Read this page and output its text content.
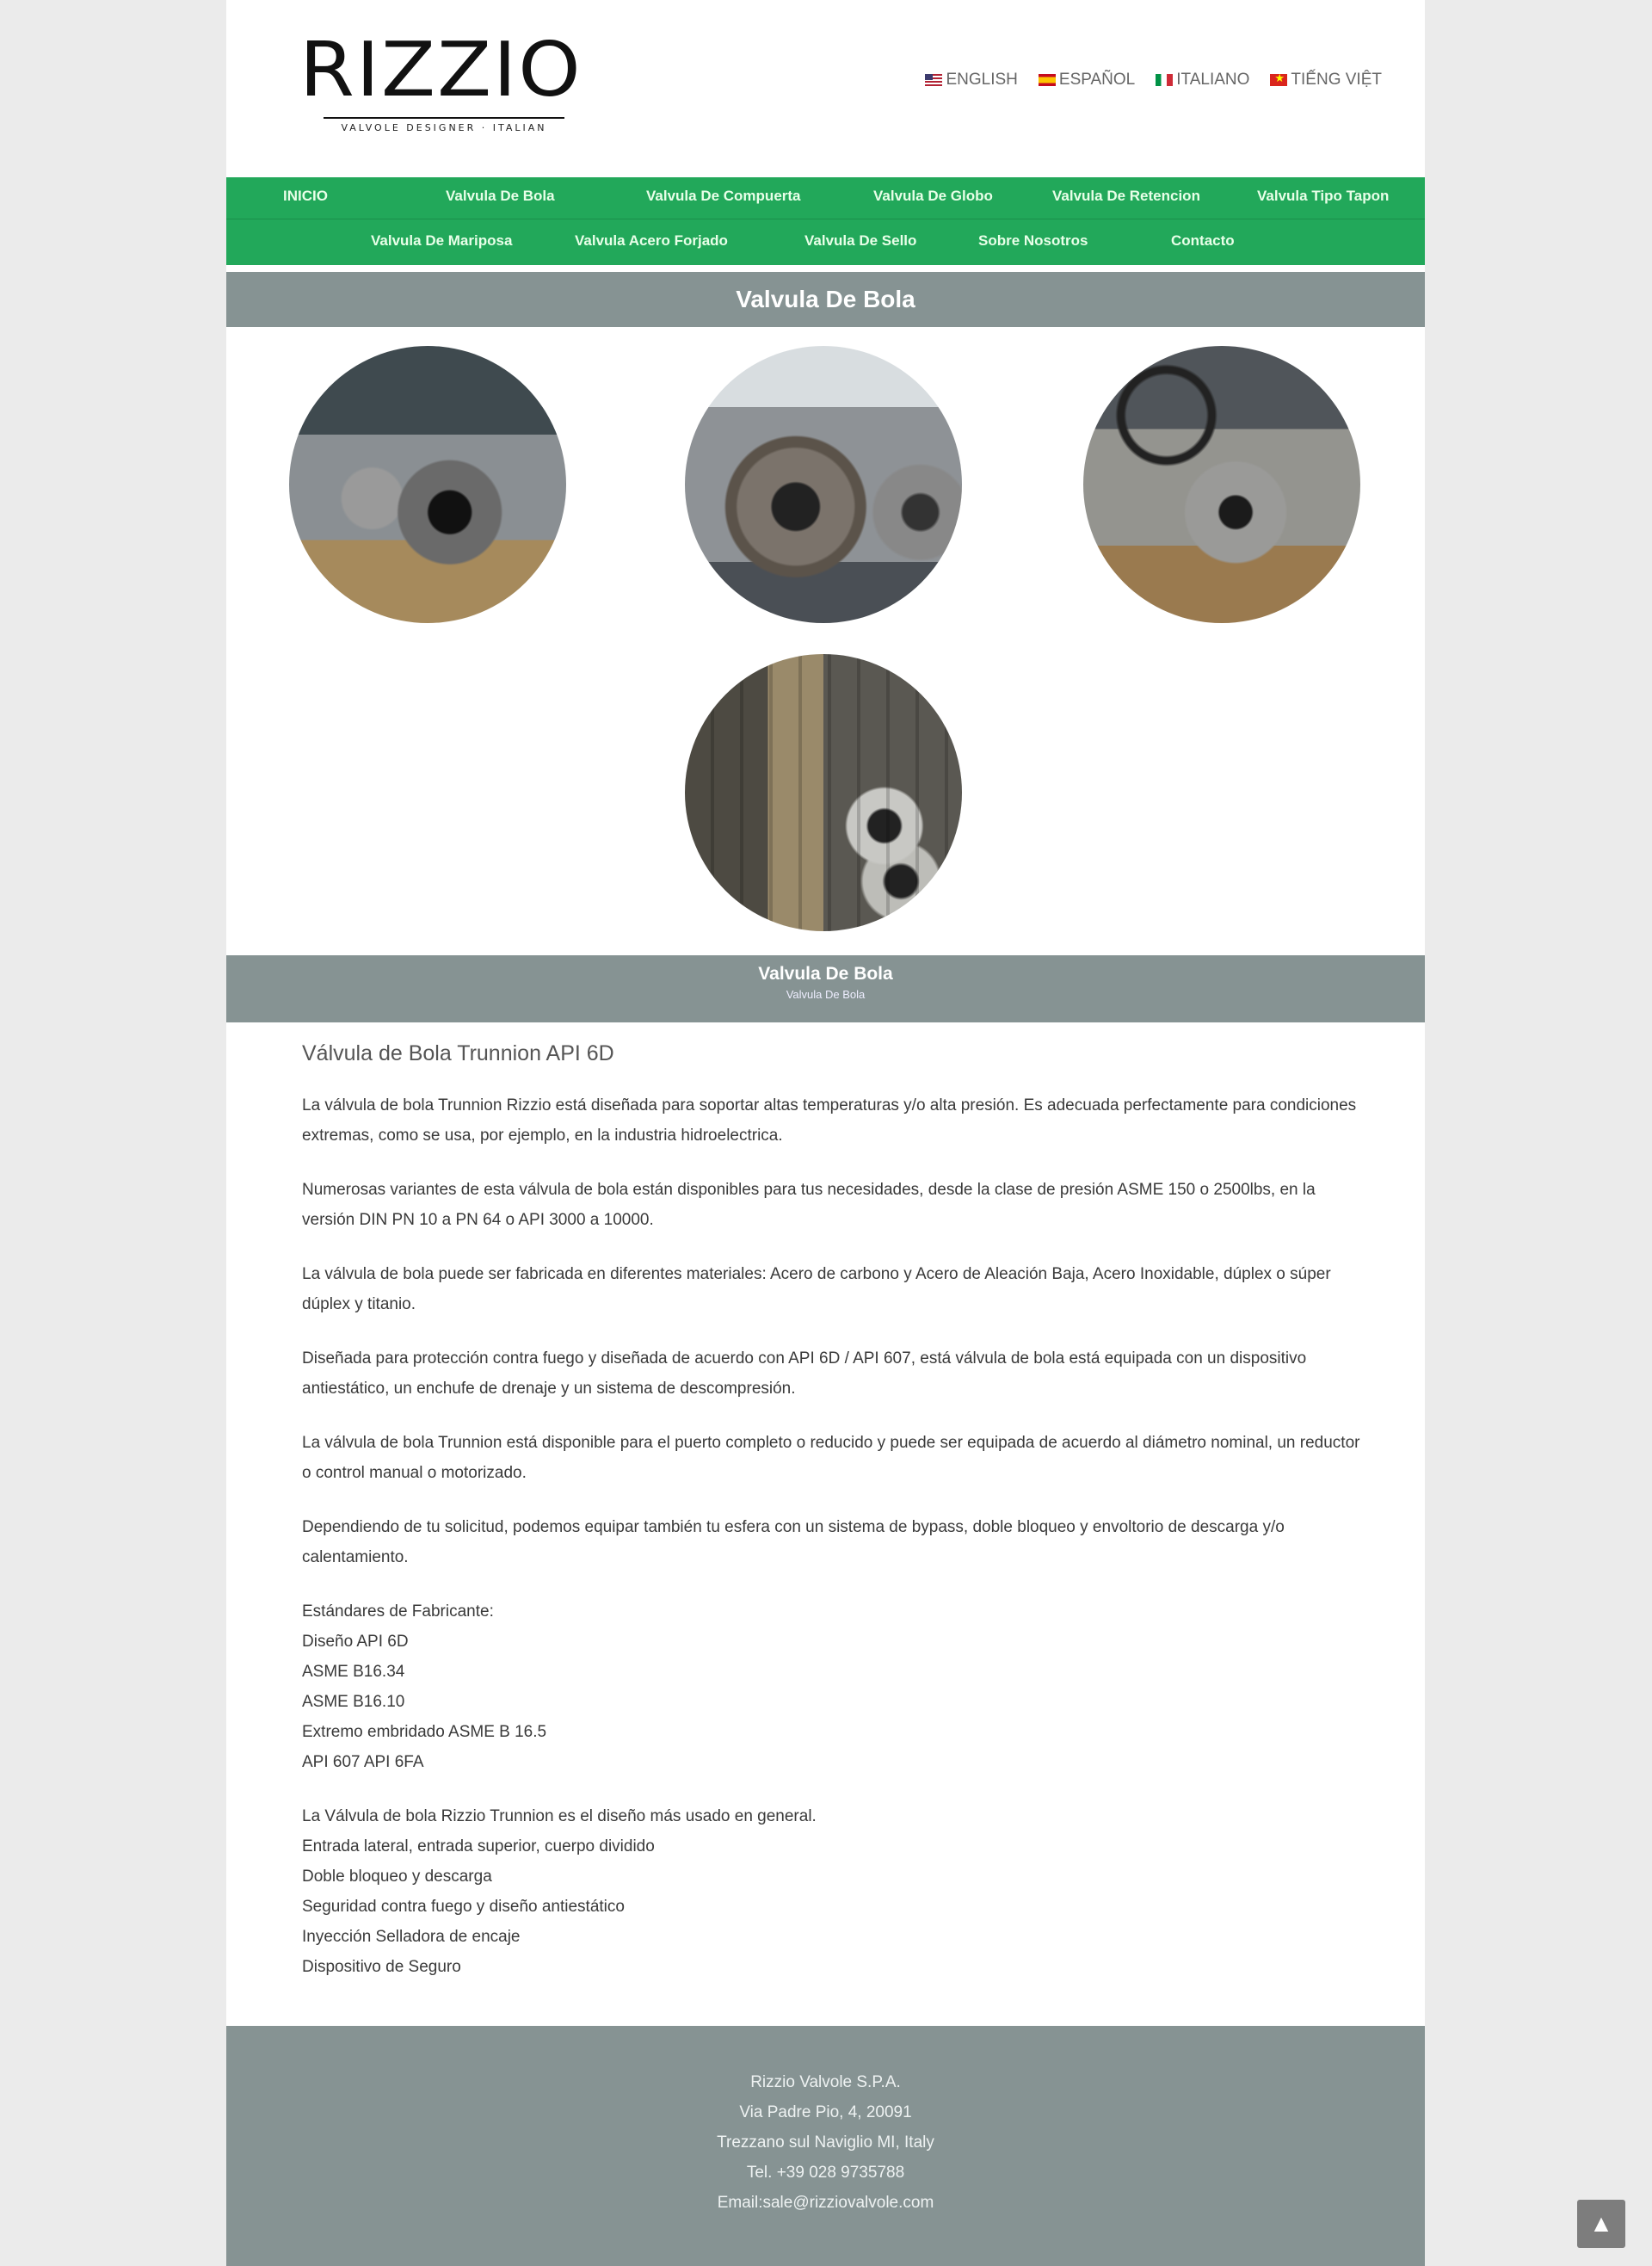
RIZZIO
VALVOLE DESIGNER · ITALIAN
ENGLISH	ESPAÑOL	ITALIANO
★	TIẾNG VIỆT
INICIO	Valvula De Bola	Valvula De Compuerta	Valvula De Globo	Valvula De Retencion	Valvula Tipo Tapon
Valvula De Mariposa	Valvula Acero Forjado	Valvula De Sello	Sobre Nosotros	Contacto
Valvula De Bola
Valvula De Bola
Valvula De Bola
Válvula de Bola Trunnion API 6D

La válvula de bola Trunnion Rizzio está diseñada para soportar altas temperaturas y/o alta presión. Es adecuada perfectamente para condiciones extremas, como se usa, por ejemplo, en la industria hidroelectrica.

Numerosas variantes de esta válvula de bola están disponibles para tus necesidades, desde la clase de presión ASME 150 o 2500lbs, en la versión DIN PN 10 a PN 64 o API 3000 a 10000.

La válvula de bola puede ser fabricada en diferentes materiales: Acero de carbono y Acero de Aleación Baja, Acero Inoxidable, dúplex o súper dúplex y titanio.

Diseñada para protección contra fuego y diseñada de acuerdo con API 6D / API 607, está válvula de bola está equipada con un dispositivo antiestático, un enchufe de drenaje y un sistema de descompresión.

La válvula de bola Trunnion está disponible para el puerto completo o reducido y puede ser equipada de acuerdo al diámetro nominal, un reductor o control manual o motorizado.

Dependiendo de tu solicitud, podemos equipar también tu esfera con un sistema de bypass, doble bloqueo y envoltorio de descarga y/o calentamiento.

Estándares de Fabricante:
Diseño API 6D
ASME B16.34
ASME B16.10
Extremo embridado ASME B 16.5
API 607 API 6FA
La Válvula de bola Rizzio Trunnion es el diseño más usado en general.
Entrada lateral, entrada superior, cuerpo dividido
Doble bloqueo y descarga
Seguridad contra fuego y diseño antiestático
Inyección Selladora de encaje
Dispositivo de Seguro
Rizzio Valvole S.P.A.
Via Padre Pio, 4, 20091
Trezzano sul Naviglio MI, Italy
Tel. +39 028 9735788
Email:sale@rizziovalvole.com
▲
